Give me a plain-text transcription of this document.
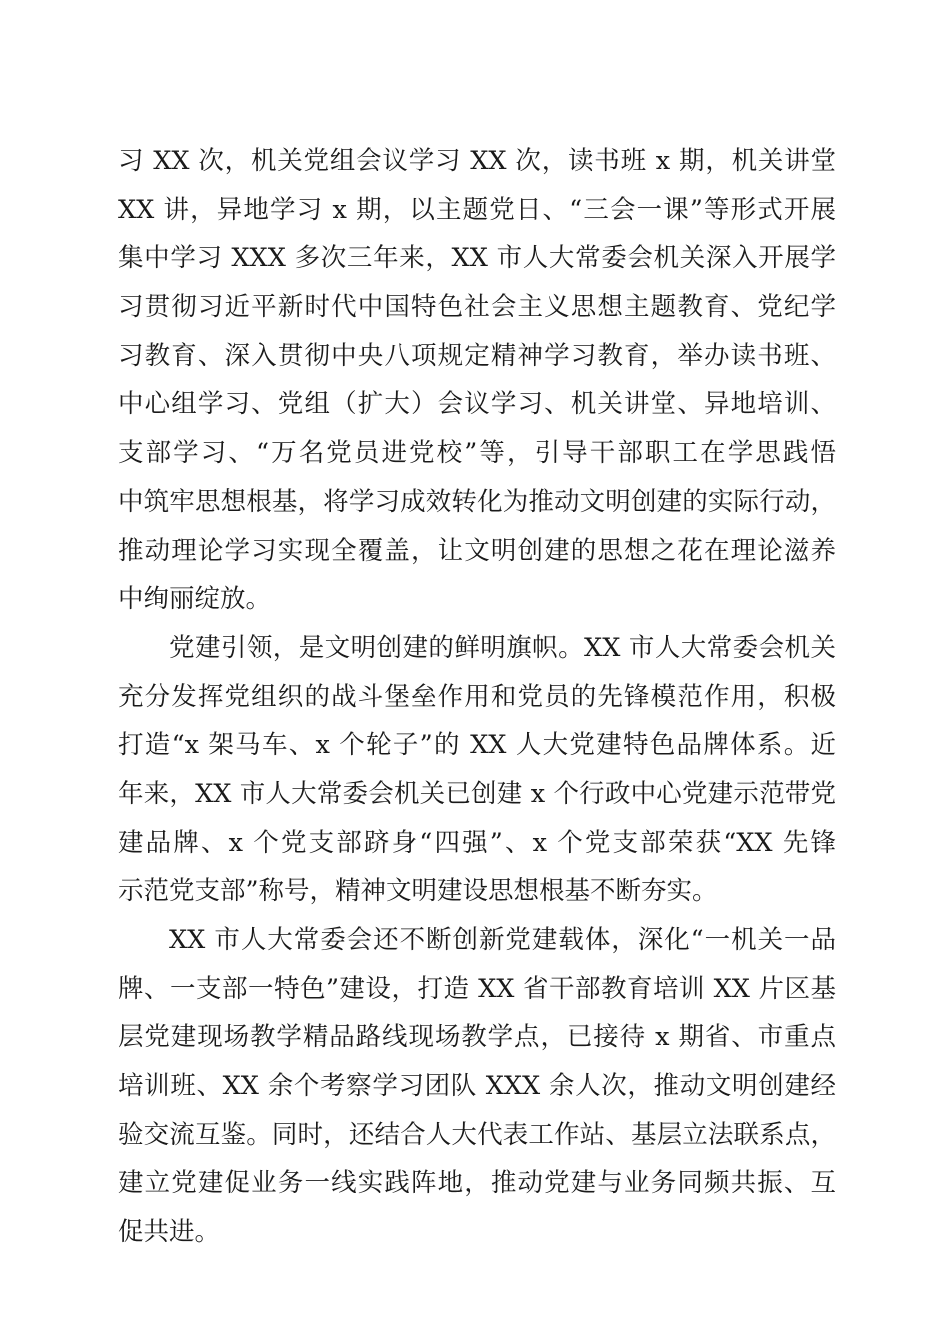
习 XX 次，机关党组会议学习 XX 次，读书班 x 期，机关讲堂
XX 讲，异地学习 x 期，以主题党日、“三会一课”等形式开展
集中学习 XXX 多次三年来，XX 市人大常委会机关深入开展学
习贯彻习近平新时代中国特色社会主义思想主题教育、党纪学
习教育、深入贯彻中央八项规定精神学习教育，举办读书班、
中心组学习、党组（扩大）会议学习、机关讲堂、异地培训、
支部学习、“万名党员进党校”等，引导干部职工在学思践悟
中筑牢思想根基，将学习成效转化为推动文明创建的实际行动，
推动理论学习实现全覆盖，让文明创建的思想之花在理论滋养
中绚丽绽放。
党建引领，是文明创建的鲜明旗帜。XX 市人大常委会机关
充分发挥党组织的战斗堡垒作用和党员的先锋模范作用，积极
打造“x 架马车、x 个轮子”的 XX 人大党建特色品牌体系。近
年来，XX 市人大常委会机关已创建 x 个行政中心党建示范带党
建品牌、x 个党支部跻身“四强”、x 个党支部荣获“XX 先锋
示范党支部”称号，精神文明建设思想根基不断夯实。
XX 市人大常委会还不断创新党建载体，深化“一机关一品
牌、一支部一特色”建设，打造 XX 省干部教育培训 XX 片区基
层党建现场教学精品路线现场教学点，已接待 x 期省、市重点
培训班、XX 余个考察学习团队 XXX 余人次，推动文明创建经
验交流互鉴。同时，还结合人大代表工作站、基层立法联系点，
建立党建促业务一线实践阵地，推动党建与业务同频共振、互
促共进。
